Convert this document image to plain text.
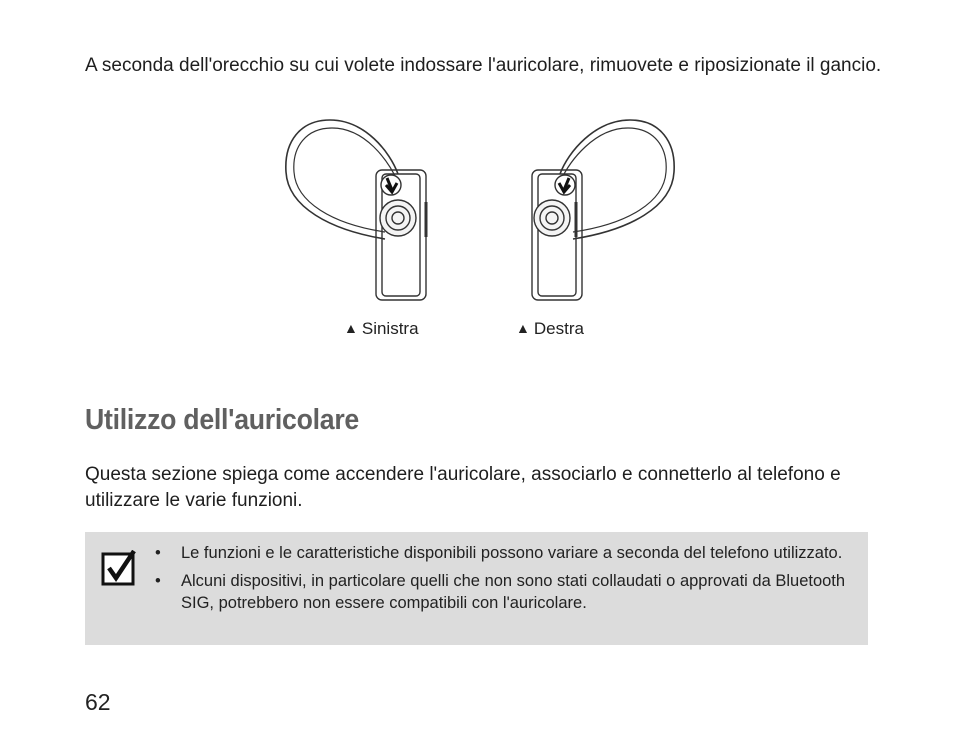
A seconda dell'orecchio su cui volete indossare l'auricolare, rimuovete e riposizionate il gancio.

▲ Sinistra	▲ Destra
Utilizzo dell'auricolare

Questa sezione spiega come accendere l'auricolare, associarlo e connetterlo al telefono e utilizzare le varie funzioni.

• Le funzioni e le caratteristiche disponibili possono variare a seconda del telefono utilizzato.
• Alcuni dispositivi, in particolare quelli che non sono stati collaudati o approvati da Bluetooth SIG, potrebbero non essere compatibili con l'auricolare.
62
